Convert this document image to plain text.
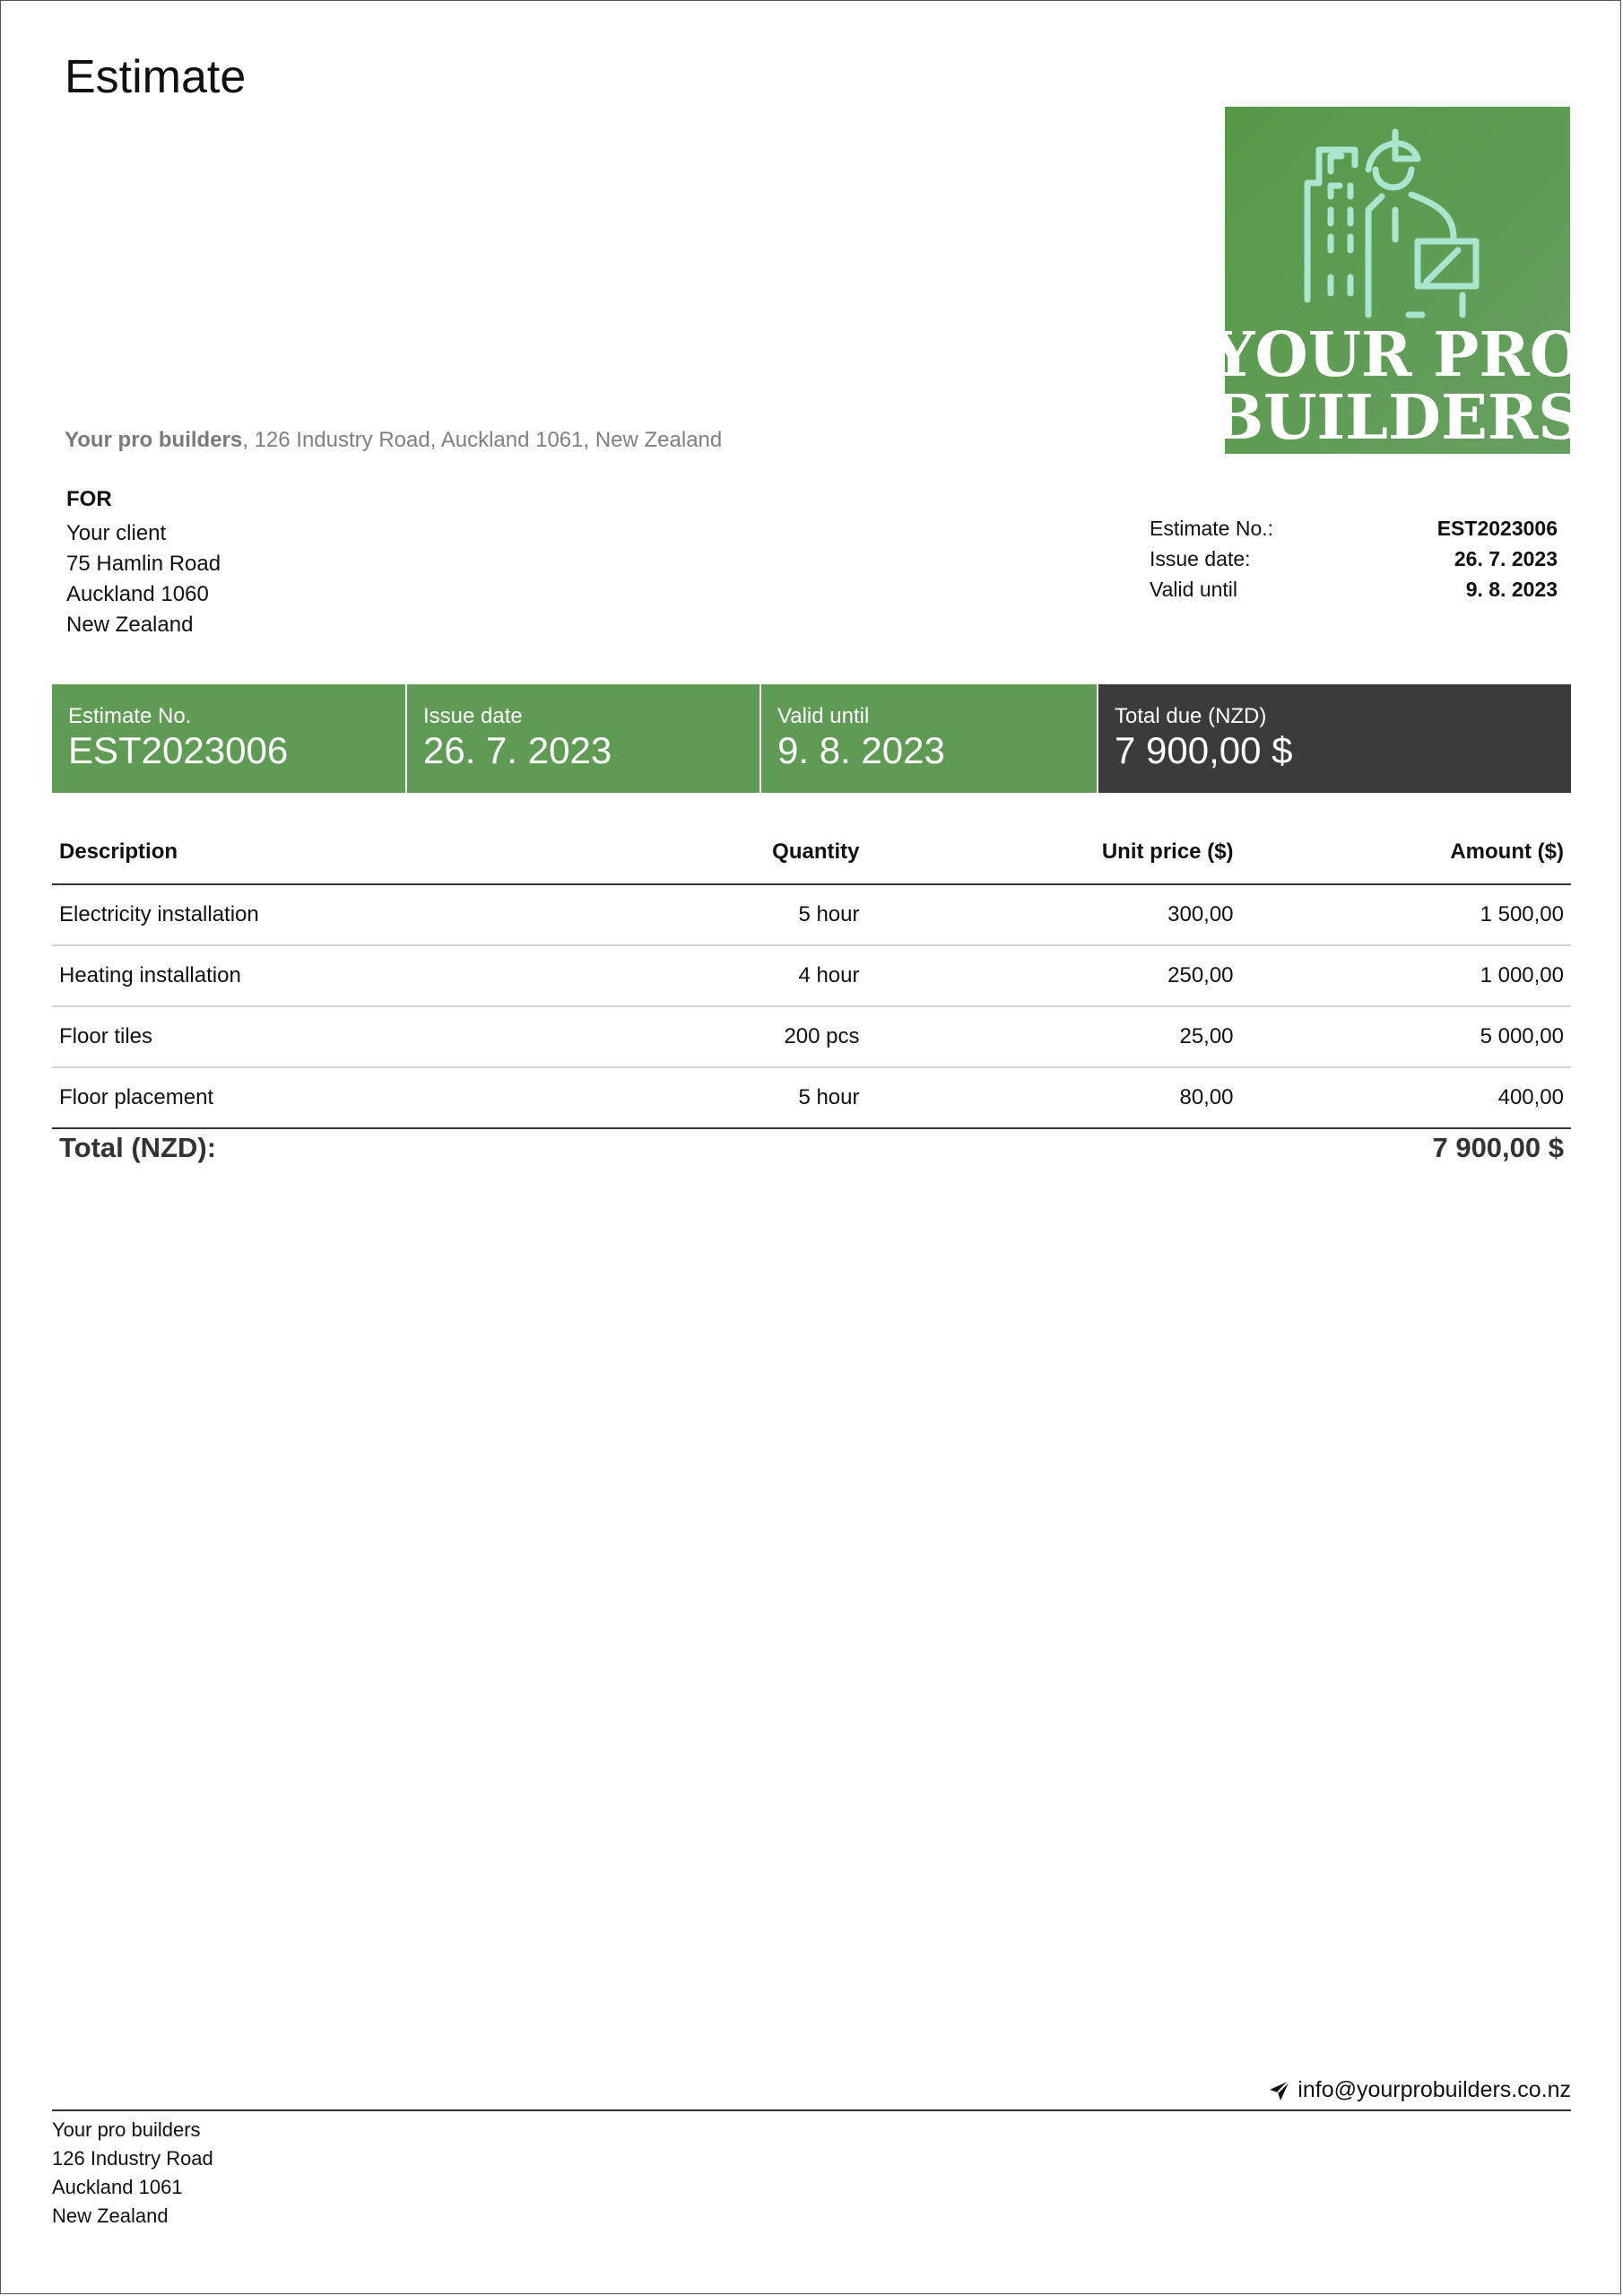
Estimate
YOUR PRO
BUILDERS
Your pro builders, 126 Industry Road, Auckland 1061, New Zealand
FOR
Your client
75 Hamlin Road
Auckland 1060
New Zealand
Estimate No.:	EST2023006
Issue date:	26. 7. 2023
Valid until	9. 8. 2023
Estimate No.
EST2023006
Issue date
26. 7. 2023
Valid until
9. 8. 2023
Total due (NZD)
7 900,00 $
Description	Quantity	Unit price ($)	Amount ($)
Electricity installation	5 hour	300,00	1 500,00
Heating installation	4 hour	250,00	1 000,00
Floor tiles	200 pcs	25,00	5 000,00
Floor placement	5 hour	80,00	400,00
Total (NZD):	7 900,00 $
info@yourprobuilders.co.nz
Your pro builders
126 Industry Road
Auckland 1061
New Zealand
